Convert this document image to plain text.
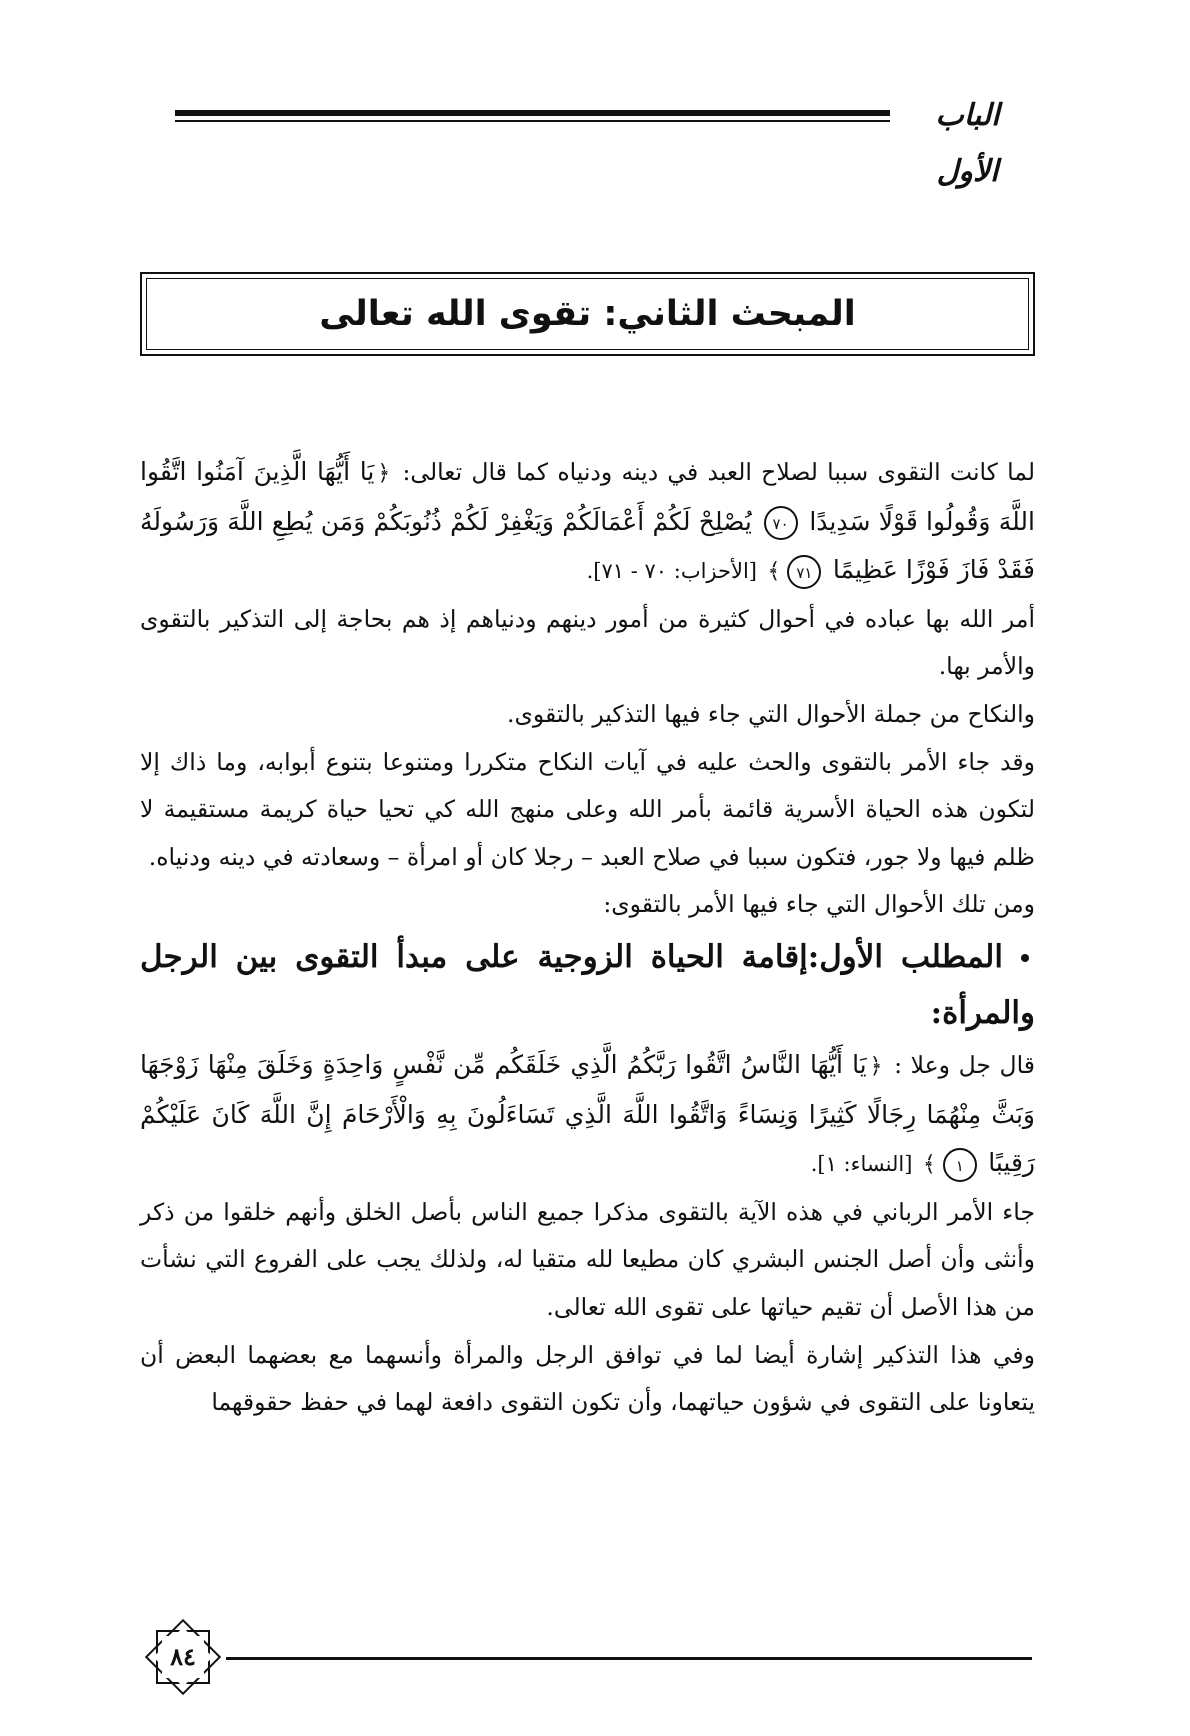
الباب الأول
المبحث الثاني: تقوى الله تعالى

لما كانت التقوى سببا لصلاح العبد في دينه ودنياه كما قال تعالى: ﴿يَا أَيُّهَا الَّذِينَ آمَنُوا اتَّقُوا اللَّهَ وَقُولُوا قَوْلًا سَدِيدًا ٧٠ يُصْلِحْ لَكُمْ أَعْمَالَكُمْ وَيَغْفِرْ لَكُمْ ذُنُوبَكُمْ وَمَن يُطِعِ اللَّهَ وَرَسُولَهُ فَقَدْ فَازَ فَوْزًا عَظِيمًا ٧١﴾ [الأحزاب: ٧٠ - ٧١].

أمر الله بها عباده في أحوال كثيرة من أمور دينهم ودنياهم إذ هم بحاجة إلى التذكير بالتقوى والأمر بها.

والنكاح من جملة الأحوال التي جاء فيها التذكير بالتقوى.

وقد جاء الأمر بالتقوى والحث عليه في آيات النكاح متكررا ومتنوعا بتنوع أبوابه، وما ذاك إلا لتكون هذه الحياة الأسرية قائمة بأمر الله وعلى منهج الله كي تحيا حياة كريمة مستقيمة لا ظلم فيها ولا جور، فتكون سببا في صلاح العبد – رجلا كان أو امرأة – وسعادته في دينه ودنياه.

ومن تلك الأحوال التي جاء فيها الأمر بالتقوى:

المطلب الأول:إقامة الحياة الزوجية على مبدأ التقوى بين الرجل والمرأة:

قال جل وعلا : ﴿يَا أَيُّهَا النَّاسُ اتَّقُوا رَبَّكُمُ الَّذِي خَلَقَكُم مِّن نَّفْسٍ وَاحِدَةٍ وَخَلَقَ مِنْهَا زَوْجَهَا وَبَثَّ مِنْهُمَا رِجَالًا كَثِيرًا وَنِسَاءً وَاتَّقُوا اللَّهَ الَّذِي تَسَاءَلُونَ بِهِ وَالْأَرْحَامَ إِنَّ اللَّهَ كَانَ عَلَيْكُمْ رَقِيبًا ١﴾ [النساء: ١].

جاء الأمر الرباني في هذه الآية بالتقوى مذكرا جميع الناس بأصل الخلق وأنهم خلقوا من ذكر وأنثى وأن أصل الجنس البشري كان مطيعا لله متقيا له، ولذلك يجب على الفروع التي نشأت من هذا الأصل أن تقيم حياتها على تقوى الله تعالى.

وفي هذا التذكير إشارة أيضا لما في توافق الرجل والمرأة وأنسهما مع بعضهما البعض أن يتعاونا على التقوى في شؤون حياتهما، وأن تكون التقوى دافعة لهما في حفظ حقوقهما

٨٤
